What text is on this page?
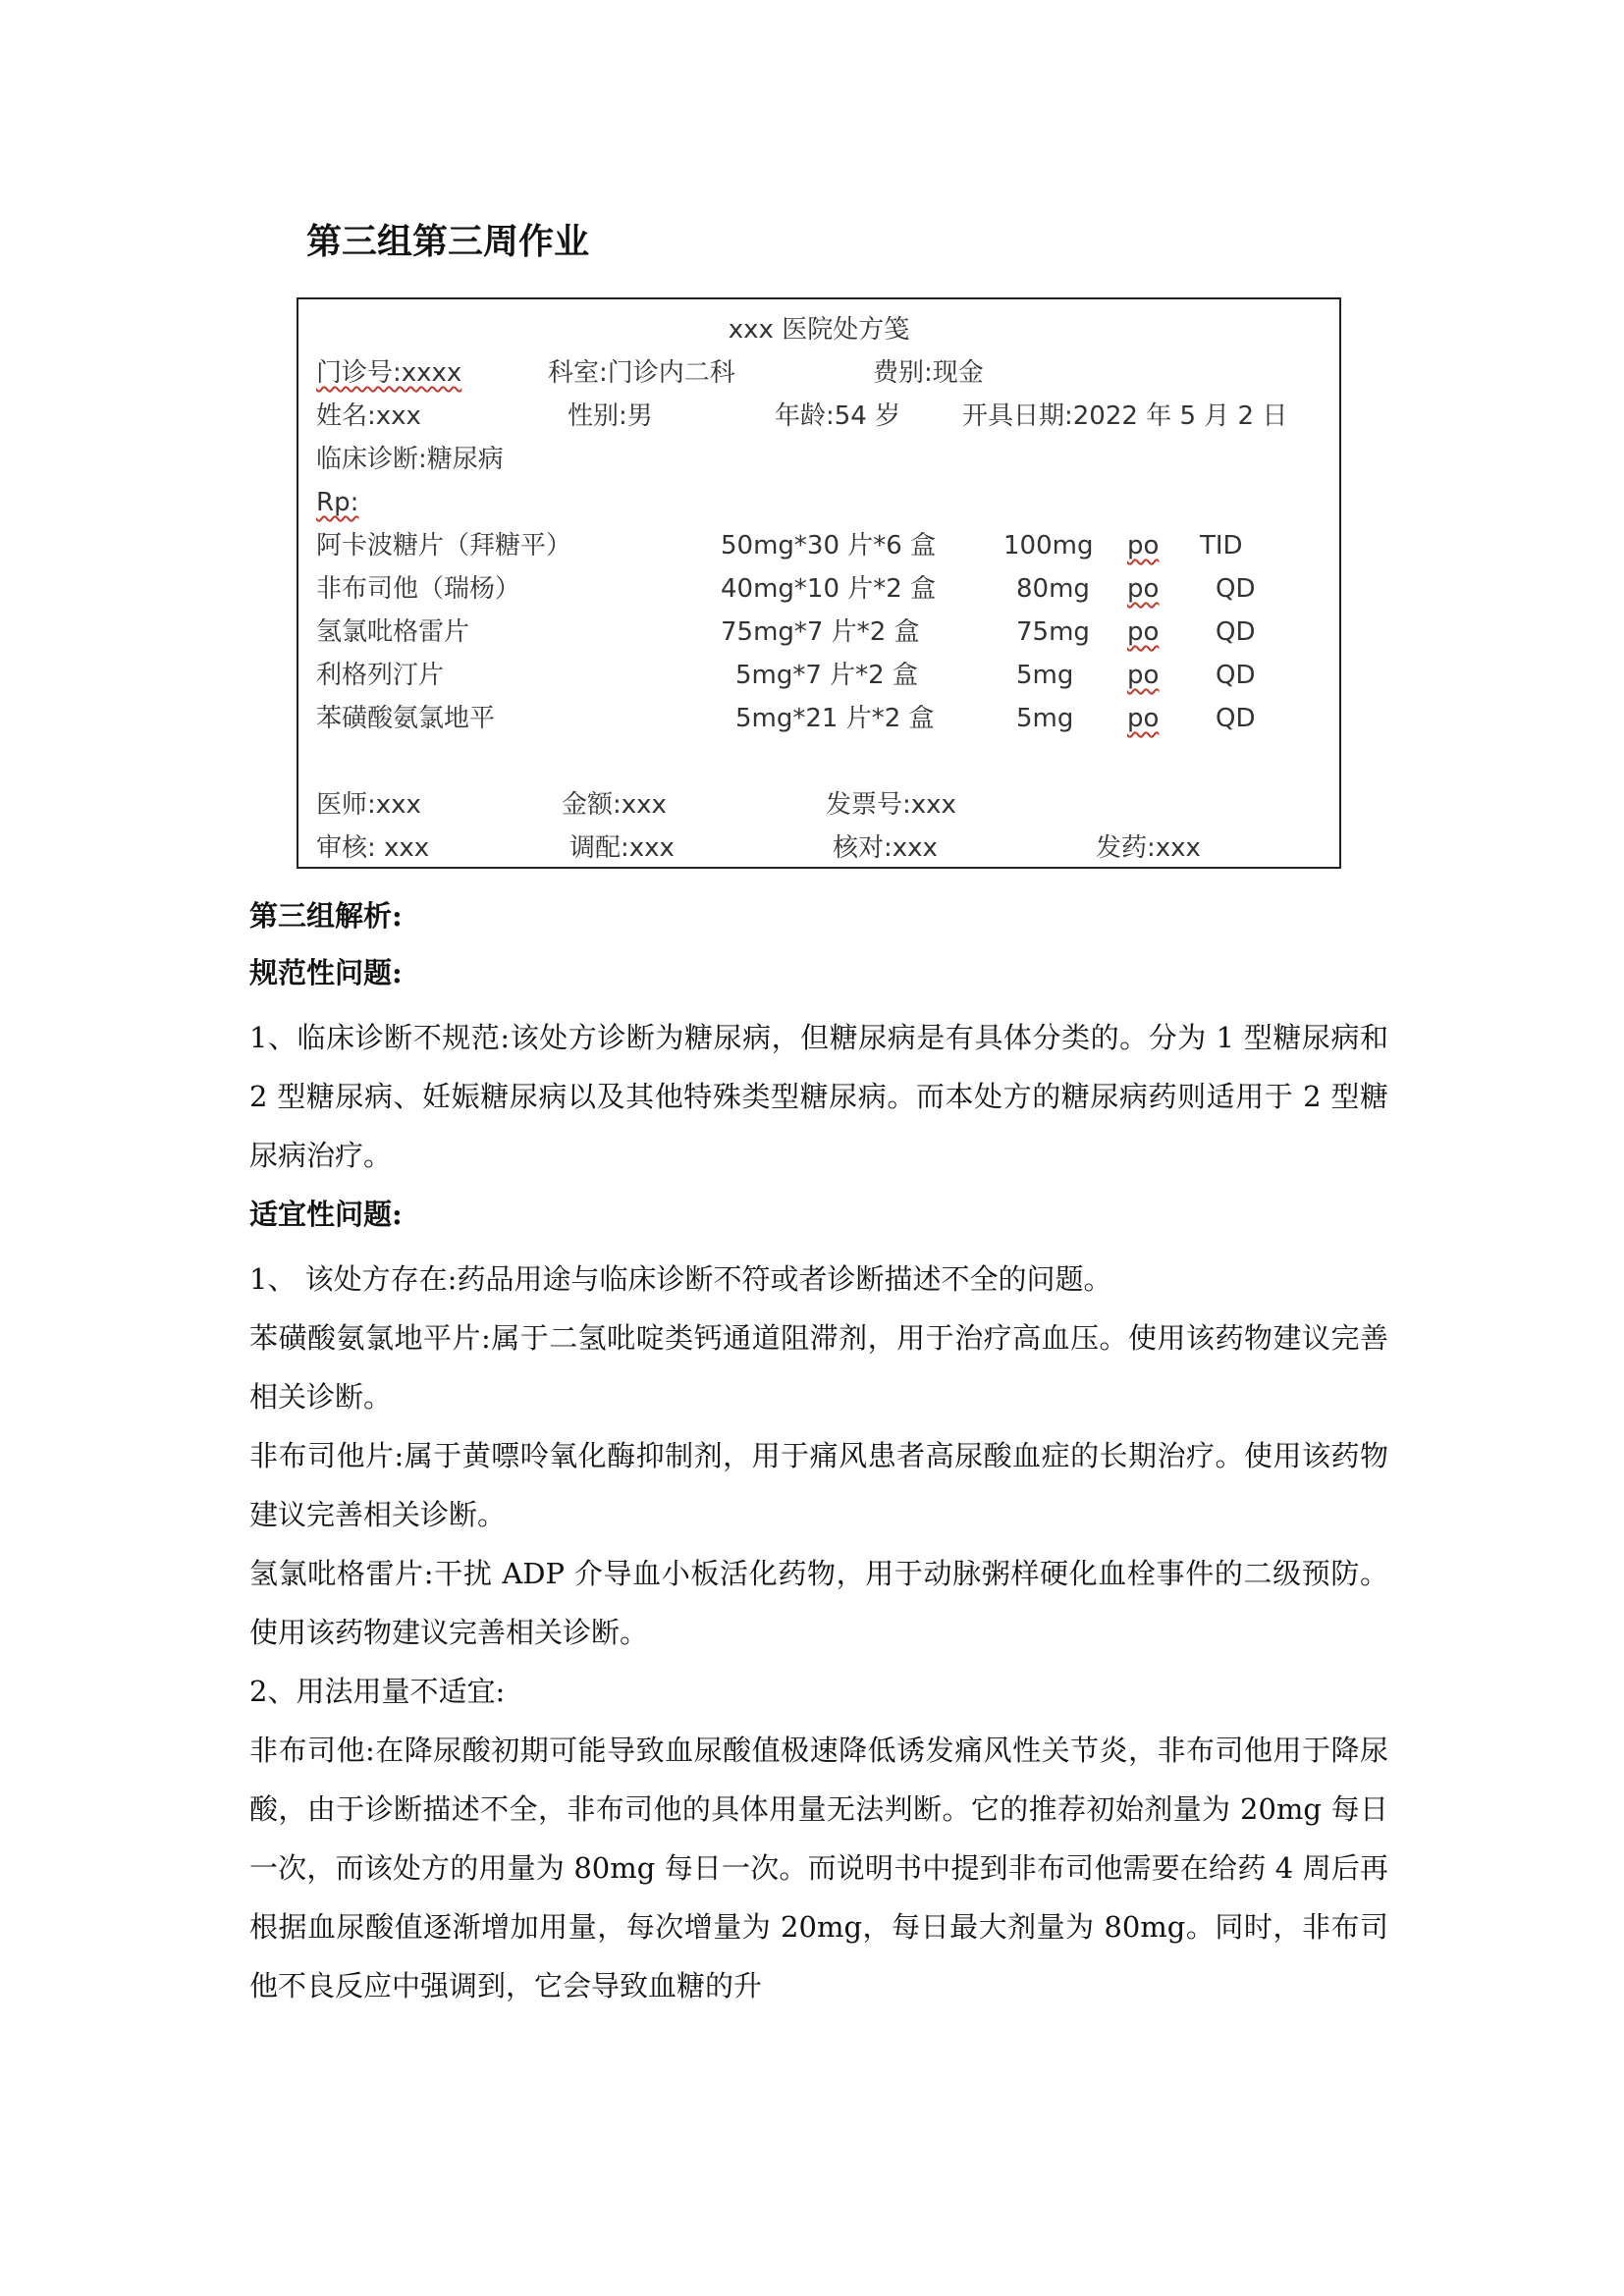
第三组第三周作业
xxx 医院处方笺
门诊号:xxxx	科室:门诊内二科	费别:现金
姓名:xxx	性别:男	年龄:54 岁 开具日期:2022 年 5 月 2 日
临床诊断:糖尿病
Rp:
阿卡波糖片（拜糖平）	50mg*30 片*6 盒	100mg po TID
非布司他（瑞杨）	40mg*10 片*2 盒	80mg po QD
氢氯吡格雷片	75mg*7 片*2 盒	75mg po QD
利格列汀片	5mg*7 片*2 盒	5mg po QD
苯磺酸氨氯地平	5mg*21 片*2 盒	5mg po QD
医师:xxx	金额:xxx	发票号:xxx
审核: xxx	调配:xxx	核对:xxx	发药:xxx

第三组解析:

规范性问题:

1、临床诊断不规范:该处方诊断为糖尿病，但糖尿病是有具体分类的。分为 1 型糖尿病和 2 型糖尿病、妊娠糖尿病以及其他特殊类型糖尿病。而本处方的糖尿病药则适用于 2 型糖尿病治疗。

适宜性问题:

1、 该处方存在:药品用途与临床诊断不符或者诊断描述不全的问题。

苯磺酸氨氯地平片:属于二氢吡啶类钙通道阻滞剂，用于治疗高血压。使用该药物建议完善相关诊断。

非布司他片:属于黄嘌呤氧化酶抑制剂，用于痛风患者高尿酸血症的长期治疗。使用该药物建议完善相关诊断。

氢氯吡格雷片:干扰 ADP 介导血小板活化药物，用于动脉粥样硬化血栓事件的二级预防。使用该药物建议完善相关诊断。

2、用法用量不适宜:

非布司他:在降尿酸初期可能导致血尿酸值极速降低诱发痛风性关节炎，非布司他用于降尿酸，由于诊断描述不全，非布司他的具体用量无法判断。它的推荐初始剂量为 20mg 每日一次，而该处方的用量为 80mg 每日一次。而说明书中提到非布司他需要在给药 4 周后再根据血尿酸值逐渐增加用量，每次增量为 20mg，每日最大剂量为 80mg。同时，非布司他不良反应中强调到，它会导致血糖的升
